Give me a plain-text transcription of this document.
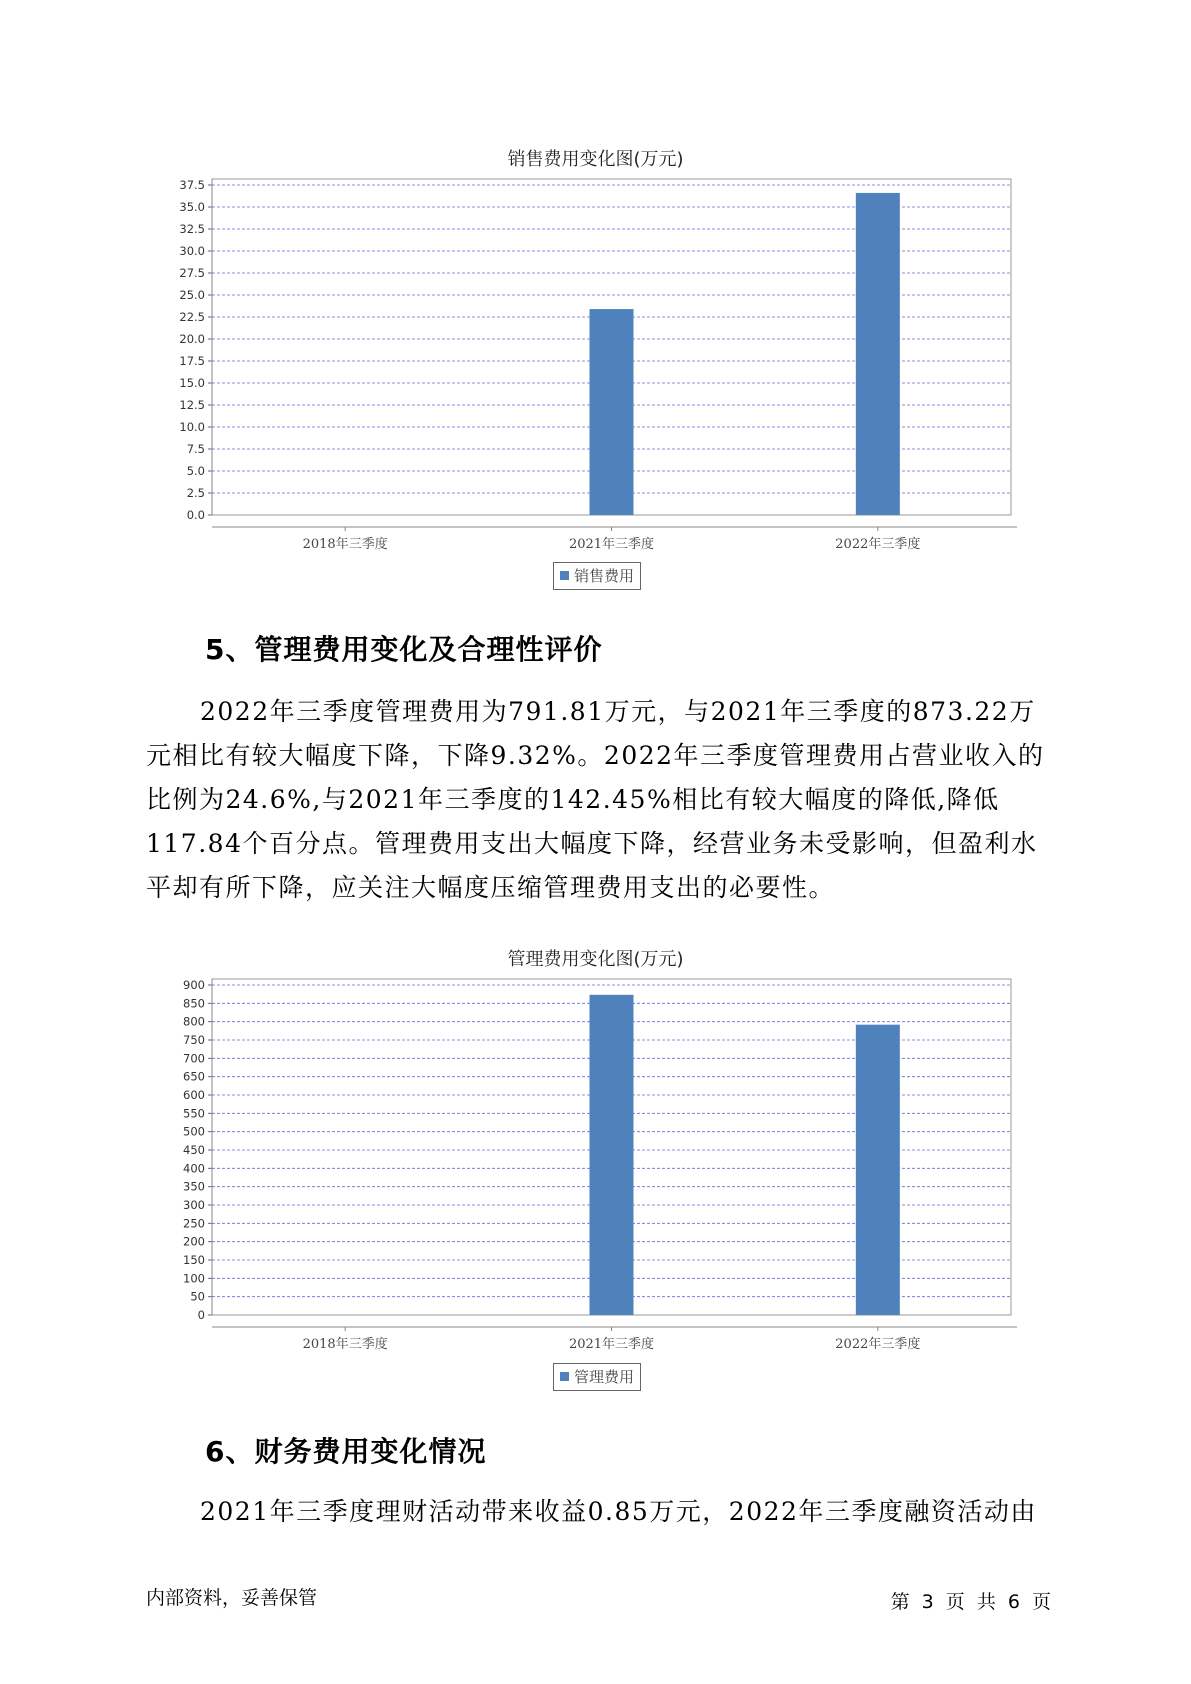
销售费用变化图(万元)
0.0
2.5
5.0
7.5
10.0
12.5
15.0
17.5
20.0
22.5
25.0
27.5
30.0
32.5
35.0
37.5
2018年三季度	2021年三季度	2022年三季度
销售费用
5、管理费用变化及合理性评价

2022年三季度管理费用为791.81万元，与2021年三季度的873.22万元相比有较大幅度下降，下降9.32%。2022年三季度管理费用占营业收入的比例为24.6%,与2021年三季度的142.45%相比有较大幅度的降低,降低117.84个百分点。管理费用支出大幅度下降，经营业务未受影响，但盈利水平却有所下降，应关注大幅度压缩管理费用支出的必要性。

管理费用变化图(万元)
0
50
100
150
200
250
300
350
400
450
500
550
600
650
700
750
800
850
900
2018年三季度	2021年三季度	2022年三季度
管理费用
6、财务费用变化情况

2021年三季度理财活动带来收益0.85万元，2022年三季度融资活动由

内部资料，妥善保管	第 3 页 共 6 页
